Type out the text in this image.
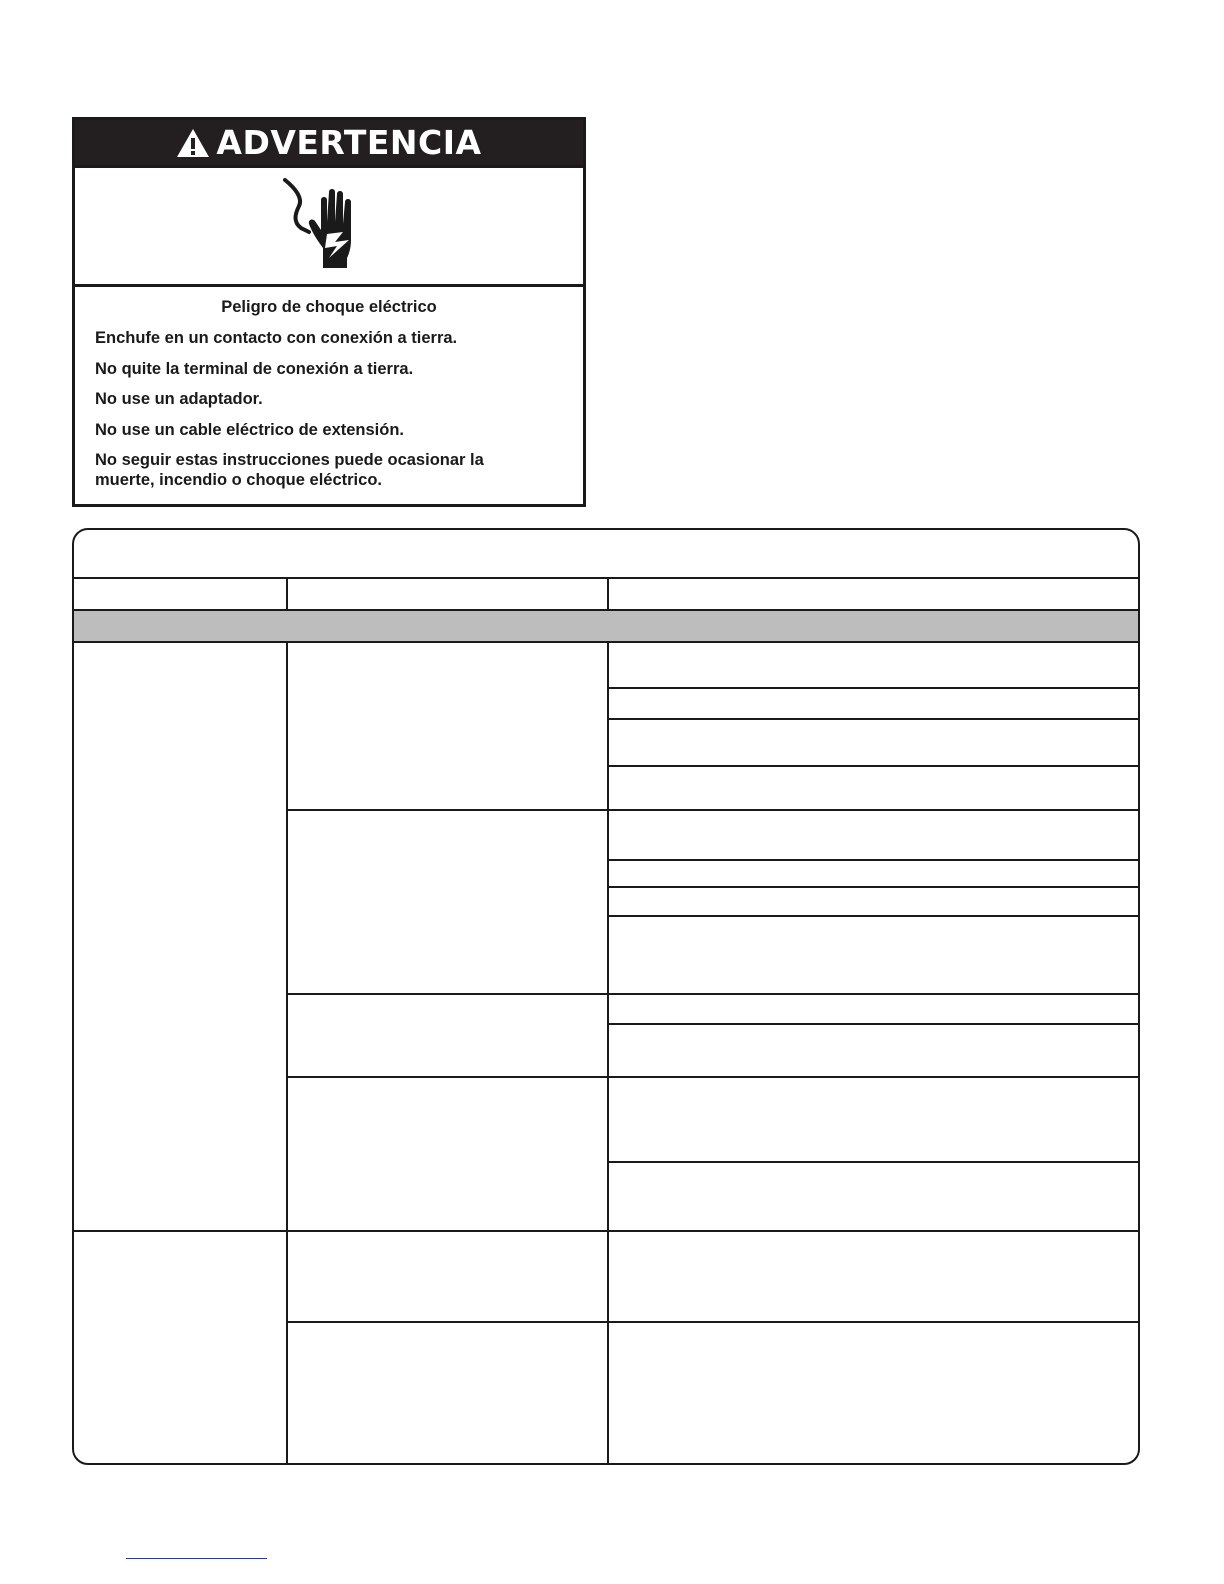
ADVERTENCIA
Peligro de choque eléctrico
Enchufe en un contacto con conexión a tierra.
No quite la terminal de conexión a tierra.
No use un adaptador.
No use un cable eléctrico de extensión.
No seguir estas instrucciones puede ocasionar la muerte, incendio o choque eléctrico.
